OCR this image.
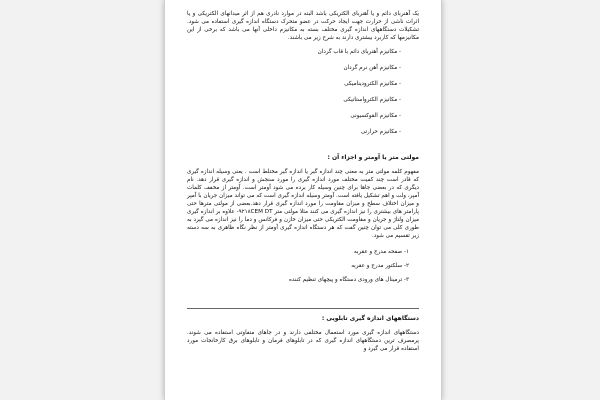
یک آهنربای دائم و یا آهنربای الکتریکی باشد البته در موارد نادری هم از اثر میدانهای الکتریکی و یا اثرات ناشی از حرارت جهت ایجاد حرکت در عضو متحرک دستگاه اندازه گیری استفاده می شود. تشکیلات دستگاههای اندازه گیری مختلف بسته به مکانیزم داخلی آنها می باشد که برخی از این مکانیزمها که کاربرد بیشتری دارند به شرح زیر می باشند.

- مکانیزم آهنربای دائم با قاب گردان
- مکانیزم آهن نرم گردان
- مکانیزم الکترودینامیکی
- مکانیزم الکترواستاتیکی
- مکانیزم القوکسیونی
- مکانیزم حرارتی
مولتی متر یا آومتر و اجزاء آن :

مفهوم کلمه مولتی متر به معنی چند اندازه گیر یا اندازه گیر مختلط است . یعنی وسیله اندازه گیری که قادر است چند کمیت مختلف مورد اندازه گیری را مورد سنجش و اندازه گیری قرار دهد. نام دیگری که در بعضی جاها برای چنین وسیله کار برده می شود آومتر است. آومتر از مخفف کلمات آمپر، ولت و اهم تشکیل یافته است. آومتر وسیله اندازه گیری است که می تواند میزان جریان با آمپر و میزان اختلاف سطح و میزان مقاومت را مورد اندازه گیری قرار دهد.بعضی از مولتی مترها حتی پارامتر های بیشتری را نیز اندازه گیری می کنند مثلا مولتی متر ۹۲۱۸CEM DT- علاوه بر اندازه گیری میزان ولتاژ و جریان و مقاومت الکتریکی حتی میزان خازن و فرکانس و دما را نیز اندازه می گیرد به طوری کلی می توان چنین گفت که هر دستگاه اندازه گیری آومتر از نظر نگاه ظاهری به سه دسته زیر تقسیم می شود.

۱- صفحه مدرج و عقربه
۲- سلکتور مدرج و عقربه
۳- ترمینال های ورودی دستگاه و پیچهای تنظیم کننده
دستگاههای اندازه گیری تابلویی :

دستگاههای اندازه گیری مورد استعمال مختلفی دارند و در جاهای متفاوتی استفاده می شوند. پرمصرف ترین دستگاههای اندازه گیری که در تابلوهای فرمان و تابلوهای برق کارخانجات مورد استفاده قرار می گیرد و
